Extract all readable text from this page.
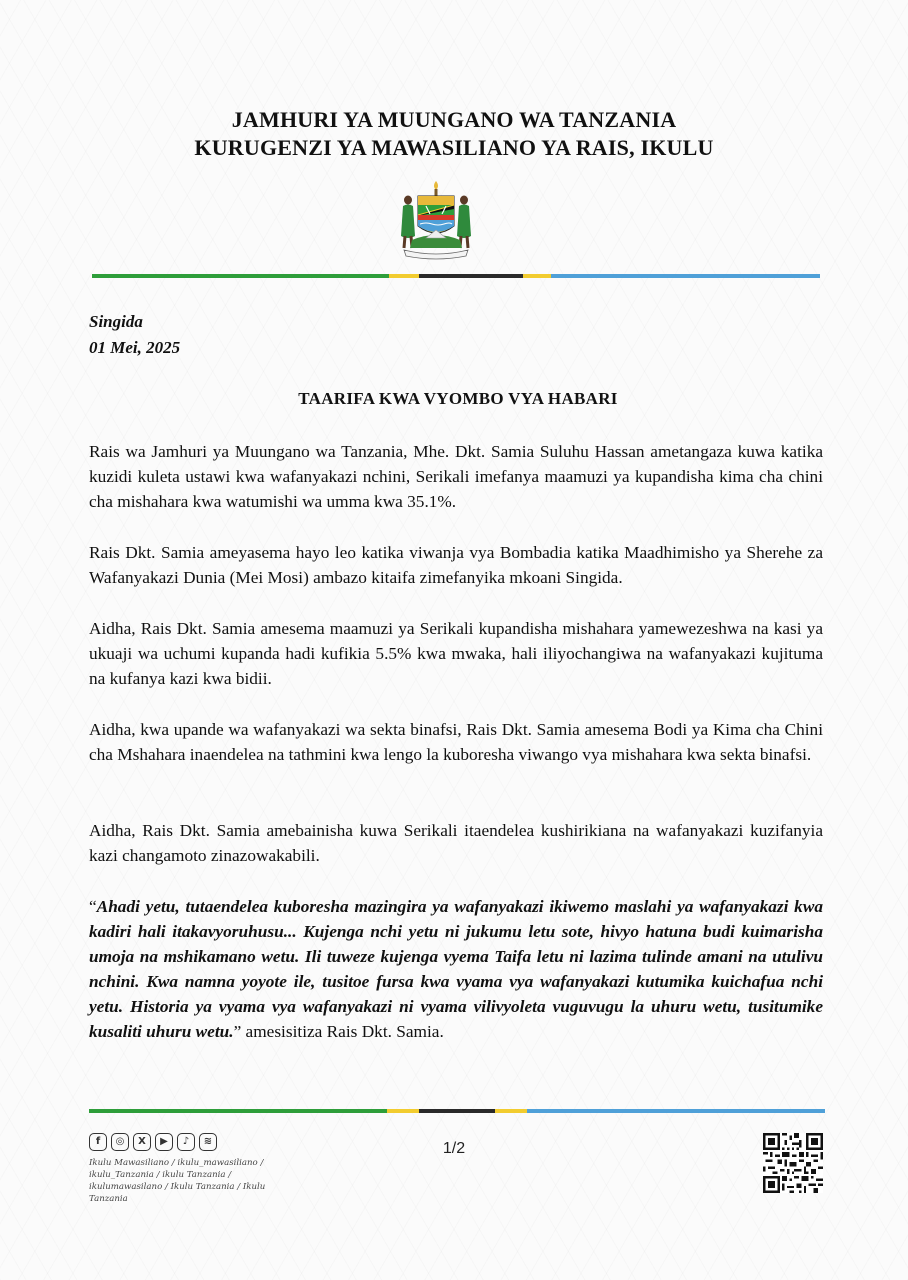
JAMHURI YA MUUNGANO WA TANZANIA
KURUGENZI YA MAWASILIANO YA RAIS, IKULU
Singida
01 Mei, 2025
TAARIFA KWA VYOMBO VYA HABARI

Rais wa Jamhuri ya Muungano wa Tanzania, Mhe. Dkt. Samia Suluhu Hassan ametangaza kuwa katika kuzidi kuleta ustawi kwa wafanyakazi nchini, Serikali imefanya maamuzi ya kupandisha kima cha chini cha mishahara kwa watumishi wa umma kwa 35.1%.

Rais Dkt. Samia ameyasema hayo leo katika viwanja vya Bombadia katika Maadhimisho ya Sherehe za Wafanyakazi Dunia (Mei Mosi) ambazo kitaifa zimefanyika mkoani Singida.

Aidha, Rais Dkt. Samia amesema maamuzi ya Serikali kupandisha mishahara yamewezeshwa na kasi ya ukuaji wa uchumi kupanda hadi kufikia 5.5% kwa mwaka, hali iliyochangiwa na wafanyakazi kujituma na kufanya kazi kwa bidii.

Aidha, kwa upande wa wafanyakazi wa sekta binafsi, Rais Dkt. Samia amesema Bodi ya Kima cha Chini cha Mshahara inaendelea na tathmini kwa lengo la kuboresha viwango vya mishahara kwa sekta binafsi.

Aidha, Rais Dkt. Samia amebainisha kuwa Serikali itaendelea kushirikiana na wafanyakazi kuzifanyia kazi changamoto zinazowakabili.

“Ahadi yetu, tutaendelea kuboresha mazingira ya wafanyakazi ikiwemo maslahi ya wafanyakazi kwa kadiri hali itakavyoruhusu... Kujenga nchi yetu ni jukumu letu sote, hivyo hatuna budi kuimarisha umoja na mshikamano wetu. Ili tuweze kujenga vyema Taifa letu ni lazima tulinde amani na utulivu nchini. Kwa namna yoyote ile, tusitoe fursa kwa vyama vya wafanyakazi kutumika kuichafua nchi yetu. Historia ya vyama vya wafanyakazi ni vyama vilivyoleta vuguvugu la uhuru wetu, tusitumike kusaliti uhuru wetu.” amesisitiza Rais Dkt. Samia.

f	◎	X	▶	♪	≋
Ikulu Mawasiliano / ikulu_mawasiliano / ikulu_Tanzania / ikulu Tanzania / ikulumawasilano / Ikulu Tanzania / Ikulu Tanzania
1/2
